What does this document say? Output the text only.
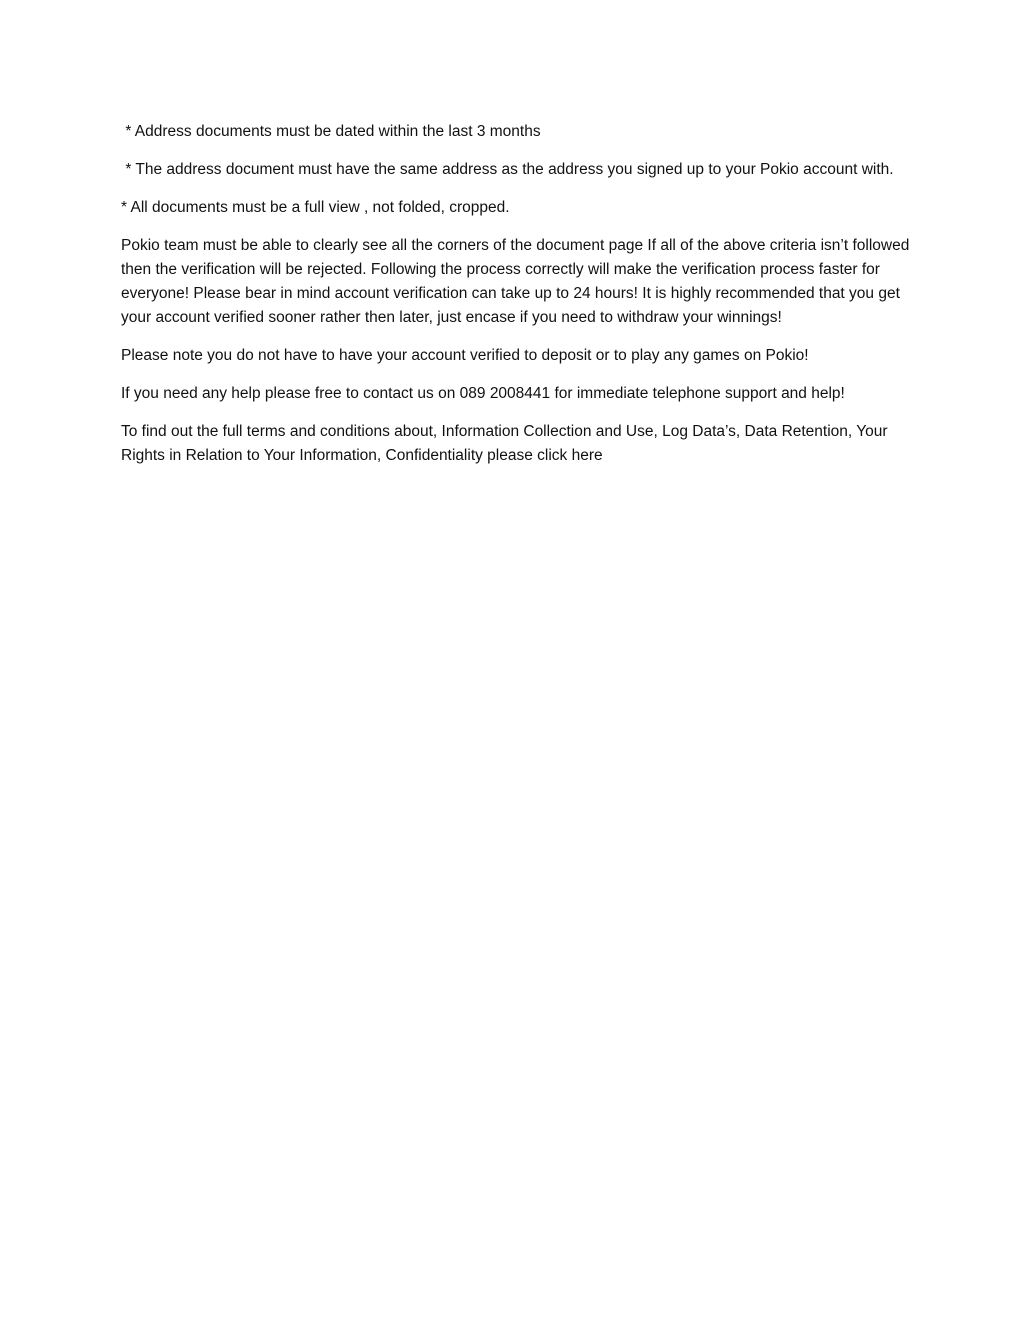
* Address documents must be dated within the last 3 months

* The address document must have the same address as the address you signed up to your Pokio account with.

* All documents must be a full view , not folded, cropped.

Pokio team must be able to clearly see all the corners of the document page If all of the above criteria isn’t followed then the verification will be rejected. Following the process correctly will make the verification process faster for everyone! Please bear in mind account verification can take up to 24 hours! It is highly recommended that you get your account verified sooner rather then later, just encase if you need to withdraw your winnings!

Please note you do not have to have your account verified to deposit or to play any games on Pokio!

If you need any help please free to contact us on 089 2008441 for immediate telephone support and help!

To find out the full terms and conditions about, Information Collection and Use, Log Data’s, Data Retention, Your Rights in Relation to Your Information, Confidentiality please click here
